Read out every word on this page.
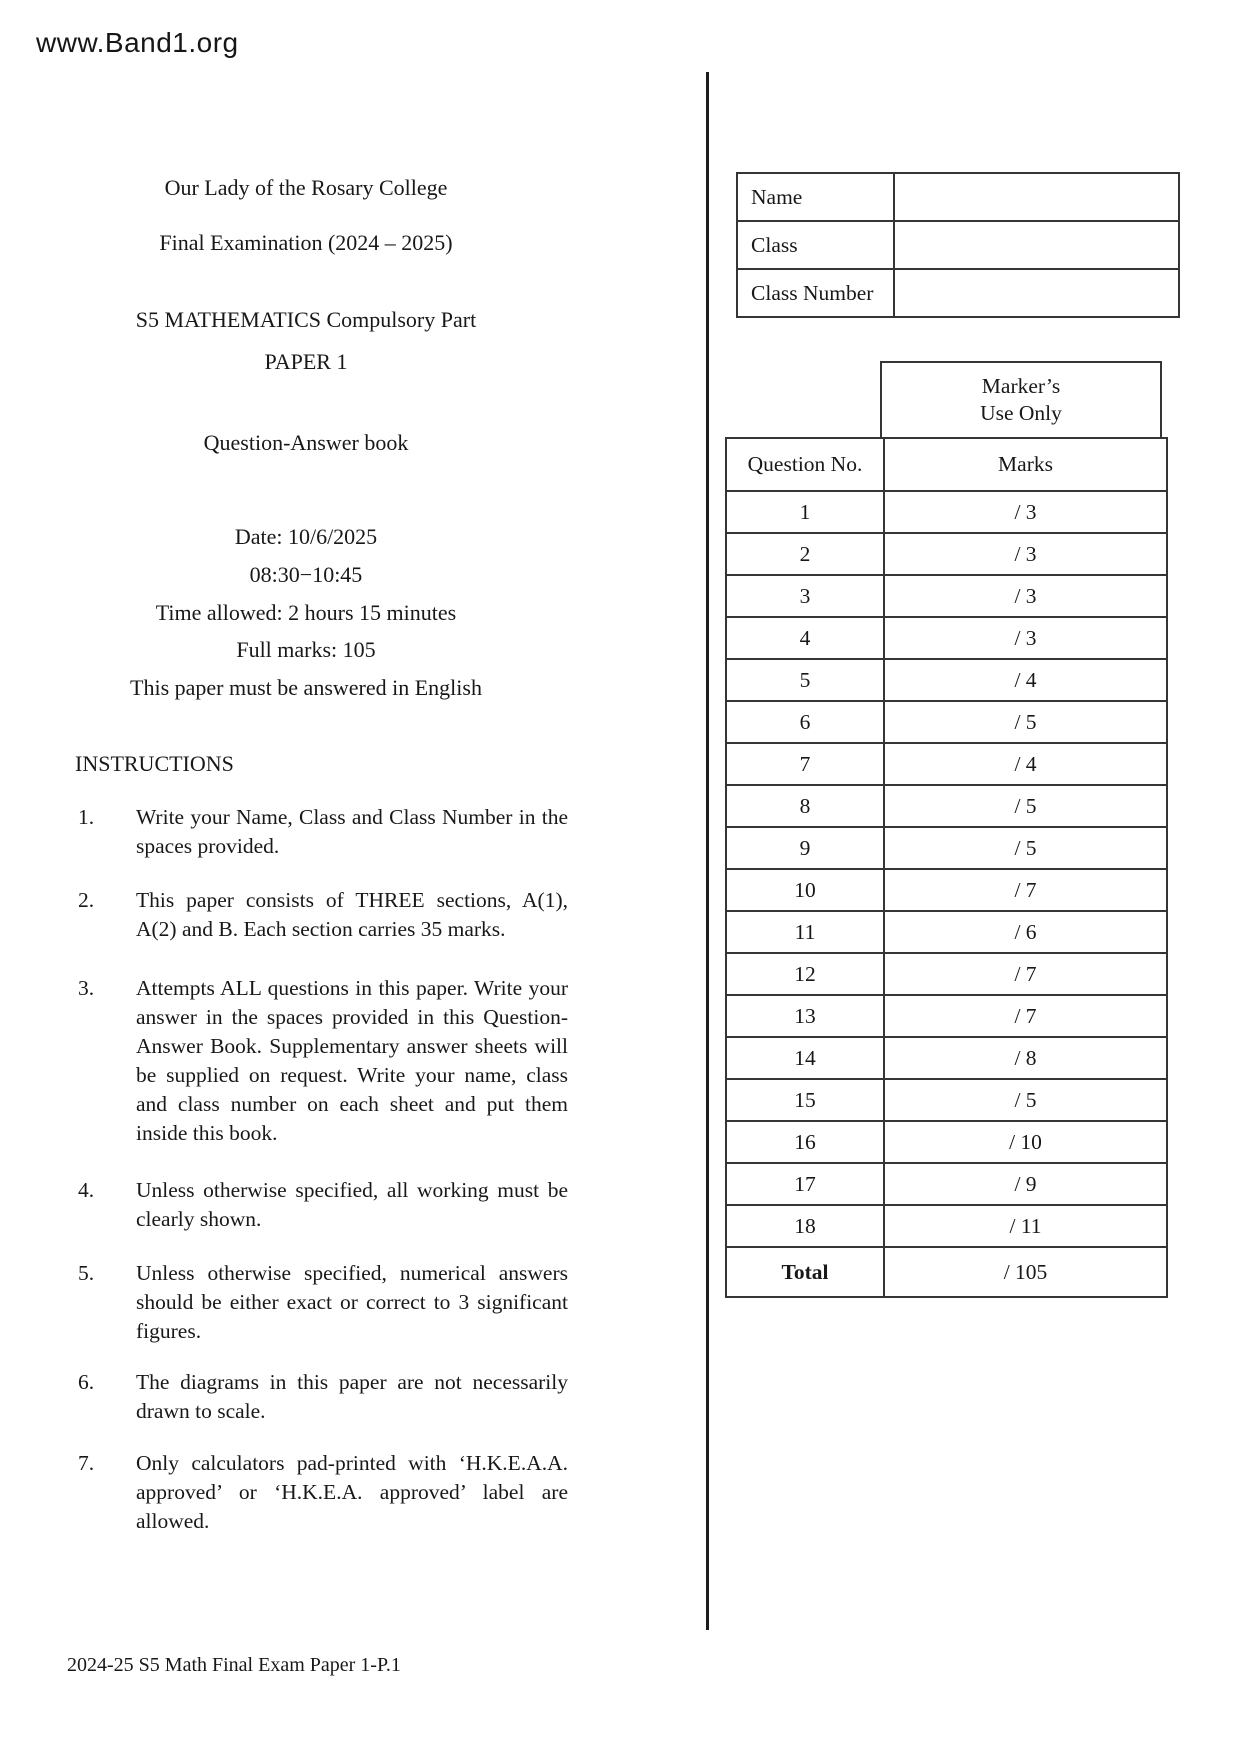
www.Band1.org
Our Lady of the Rosary College
Final Examination (2024 – 2025)
S5 MATHEMATICS Compulsory Part
PAPER 1
Question-Answer book
Date: 10/6/2025
08:30−10:45
Time allowed: 2 hours 15 minutes
Full marks: 105
This paper must be answered in English
INSTRUCTIONS
1. Write your Name, Class and Class Number in the spaces provided.
2. This paper consists of THREE sections, A(1), A(2) and B. Each section carries 35 marks.
3. Attempts ALL questions in this paper. Write your answer in the spaces provided in this Question-Answer Book. Supplementary answer sheets will be supplied on request. Write your name, class and class number on each sheet and put them inside this book.
4. Unless otherwise specified, all working must be clearly shown.
5. Unless otherwise specified, numerical answers should be either exact or correct to 3 significant figures.
6. The diagrams in this paper are not necessarily drawn to scale.
7. Only calculators pad-printed with ‘H.K.E.A.A. approved’ or ‘H.K.E.A. approved’ label are allowed.
Name	
Class	
Class Number	
Marker’s
Use Only
Question No.	Marks
1	/ 3
2	/ 3
3	/ 3
4	/ 3
5	/ 4
6	/ 5
7	/ 4
8	/ 5
9	/ 5
10	/ 7
11	/ 6
12	/ 7
13	/ 7
14	/ 8
15	/ 5
16	/ 10
17	/ 9
18	/ 11
Total	/ 105
2024-25 S5 Math Final Exam Paper 1-P.1
